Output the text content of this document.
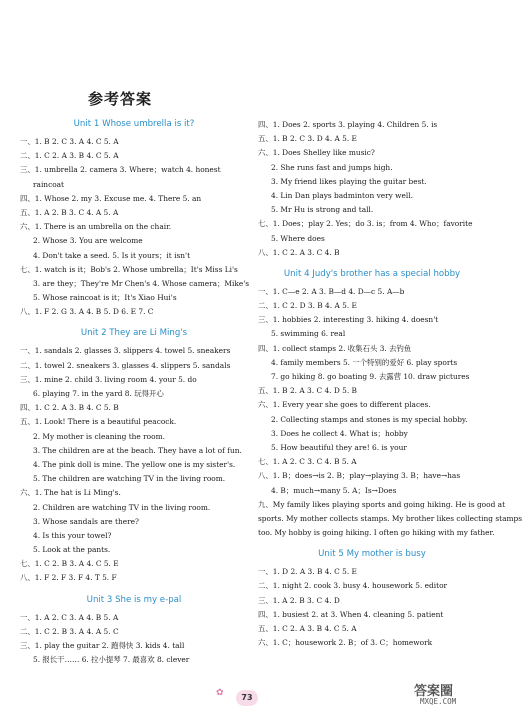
参考答案
Unit 1 Whose umbrella is it?
一、1. B 2. C 3. A 4. C 5. A
二、1. C 2. A 3. B 4. C 5. A
三、1. umbrella 2. camera 3. Where；watch 4. honest
raincoat
四、1. Whose 2. my 3. Excuse me. 4. There 5. an
五、1. A 2. B 3. C 4. A 5. A
六、1. There is an umbrella on the chair.
2. Whose 3. You are welcome
4. Don't take a seed. 5. Is it yours；it isn't
七、1. watch is it；Bob's 2. Whose umbrella；It's Miss Li's
3. are they；They're Mr Chen's 4. Whose camera；Mike's
5. Whose raincoat is it；It's Xiao Hui's
八、1. F 2. G 3. A 4. B 5. D 6. E 7. C
Unit 2 They are Li Ming's
一、1. sandals 2. glasses 3. slippers 4. towel 5. sneakers
二、1. towel 2. sneakers 3. glasses 4. slippers 5. sandals
三、1. mine 2. child 3. living room 4. your 5. do
6. playing 7. in the yard 8. 玩得开心
四、1. C 2. A 3. B 4. C 5. B
五、1. Look! There is a beautiful peacock.
2. My mother is cleaning the room.
3. The children are at the beach. They have a lot of fun.
4. The pink doll is mine. The yellow one is my sister's.
5. The children are watching TV in the living room.
六、1. The hat is Li Ming's.
2. Children are watching TV in the living room.
3. Whose sandals are there?
4. Is this your towel?
5. Look at the pants.
七、1. C 2. B 3. A 4. C 5. E
八、1. F 2. F 3. F 4. T 5. F
Unit 3 She is my e-pal
一、1. A 2. C 3. A 4. B 5. A
二、1. C 2. B 3. A 4. A 5. C
三、1. play the guitar 2. 跑得快 3. kids 4. tall
5. 报长干…… 6. 拉小提琴 7. 最喜欢 8. clever
四、1. Does 2. sports 3. playing 4. Children 5. is
五、1. B 2. C 3. D 4. A 5. E
六、1. Does Shelley like music?
2. She runs fast and jumps high.
3. My friend likes playing the guitar best.
4. Lin Dan plays badminton very well.
5. Mr Hu is strong and tall.
七、1. Does；play 2. Yes；do 3. is；from 4. Who；favorite
5. Where does
八、1. C 2. A 3. C 4. B
Unit 4 Judy's brother has a special hobby
一、1. C—e 2. A 3. B—d 4. D—c 5. A—b
二、1. C 2. D 3. B 4. A 5. E
三、1. hobbies 2. interesting 3. hiking 4. doesn't
5. swimming 6. real
四、1. collect stamps 2. 收集石头 3. 去钓鱼
4. family members 5. 一个特别的爱好 6. play sports
7. go hiking 8. go boating 9. 去露营 10. draw pictures
五、1. B 2. A 3. C 4. D 5. B
六、1. Every year she goes to different places.
2. Collecting stamps and stones is my special hobby.
3. Does he collect 4. What is；hobby
5. How beautiful they are! 6. is your
七、1. A 2. C 3. C 4. B 5. A
八、1. B；does→is 2. B；play→playing 3. B；have→has
4. B；much→many 5. A；Is→Does
九、My family likes playing sports and going hiking. He is good at
sports. My mother collects stamps. My brother likes collecting stamps
too. My hobby is going hiking. I often go hiking with my father.
Unit 5 My mother is busy
一、1. D 2. A 3. B 4. C 5. E
二、1. night 2. cook 3. busy 4. housework 5. editor
三、1. A 2. B 3. C 4. D
四、1. busiest 2. at 3. When 4. cleaning 5. patient
五、1. C 2. A 3. B 4. C 5. A
六、1. C；housework 2. B；of 3. C；homework
✿	73	答案圈
MXQE.COM
